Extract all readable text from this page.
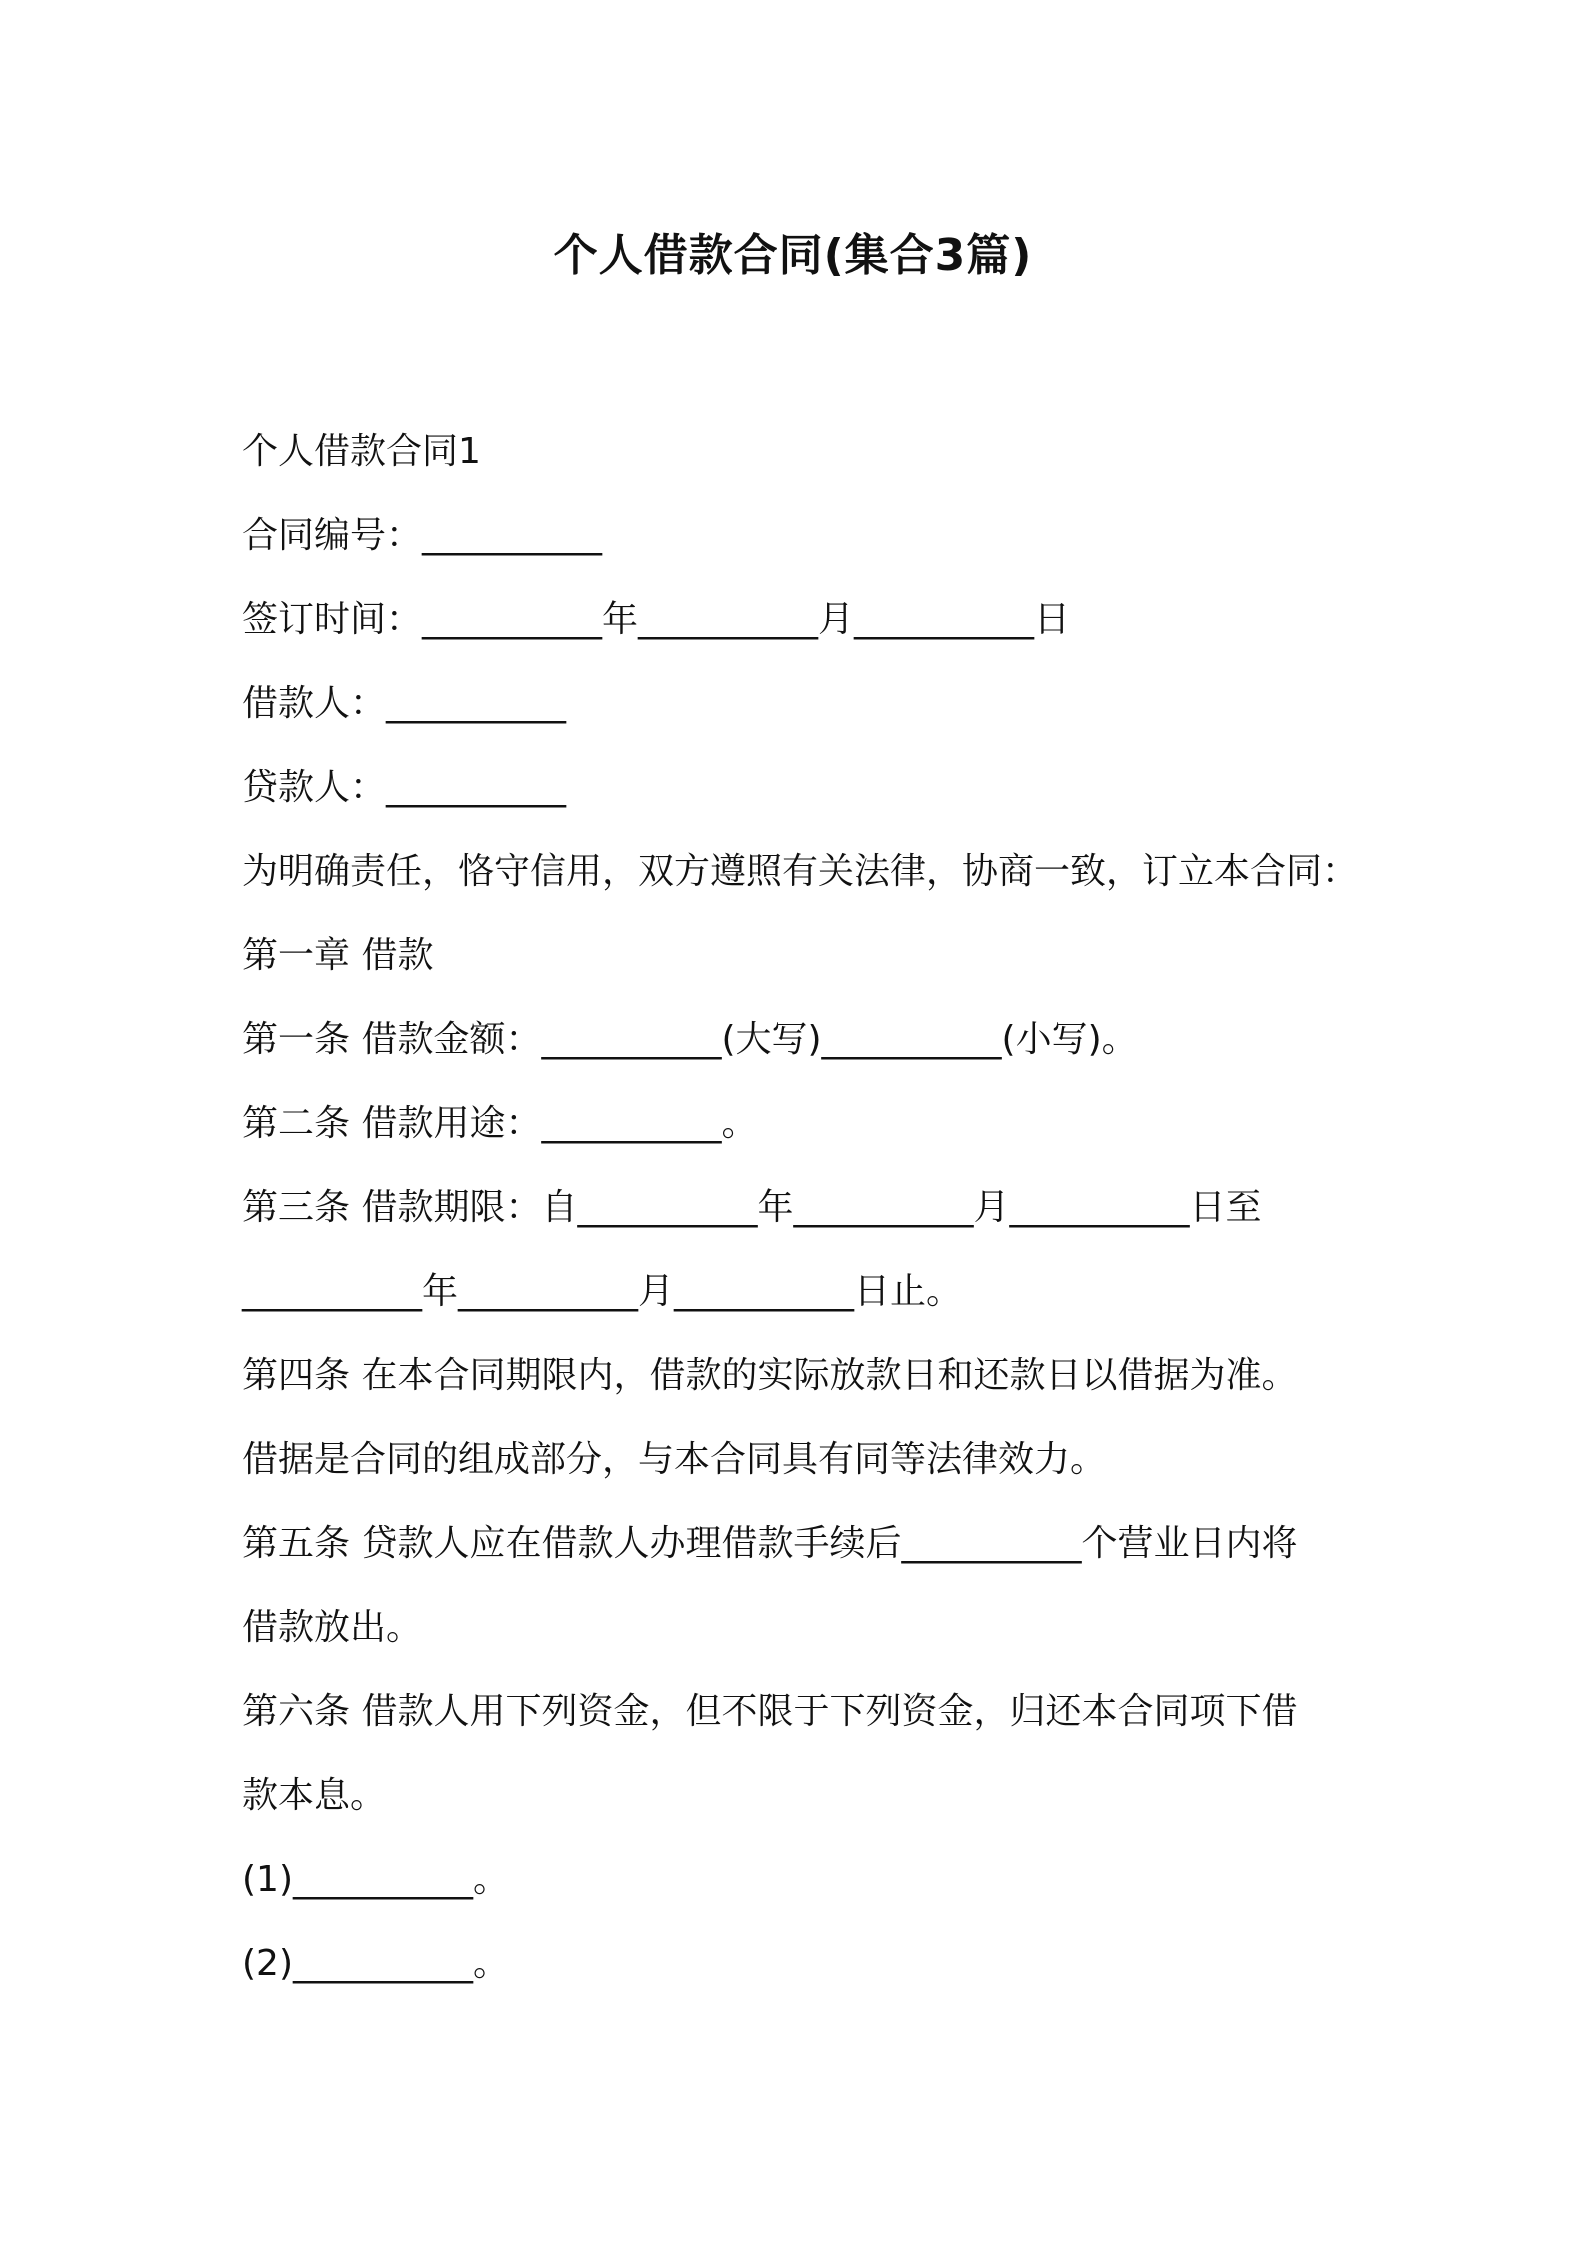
个人借款合同(集合3篇)

个人借款合同1

合同编号：__________

签订时间：__________年__________月__________日

借款人：__________

贷款人：__________

为明确责任，恪守信用，双方遵照有关法律，协商一致，订立本合同：

第一章 借款

第一条 借款金额：__________(大写)__________(小写)。

第二条 借款用途：__________。

第三条 借款期限：自__________年__________月__________日至

__________年__________月__________日止。

第四条 在本合同期限内，借款的实际放款日和还款日以借据为准。

借据是合同的组成部分，与本合同具有同等法律效力。

第五条 贷款人应在借款人办理借款手续后__________个营业日内将

借款放出。

第六条 借款人用下列资金，但不限于下列资金，归还本合同项下借

款本息。

(1)__________。

(2)__________。
